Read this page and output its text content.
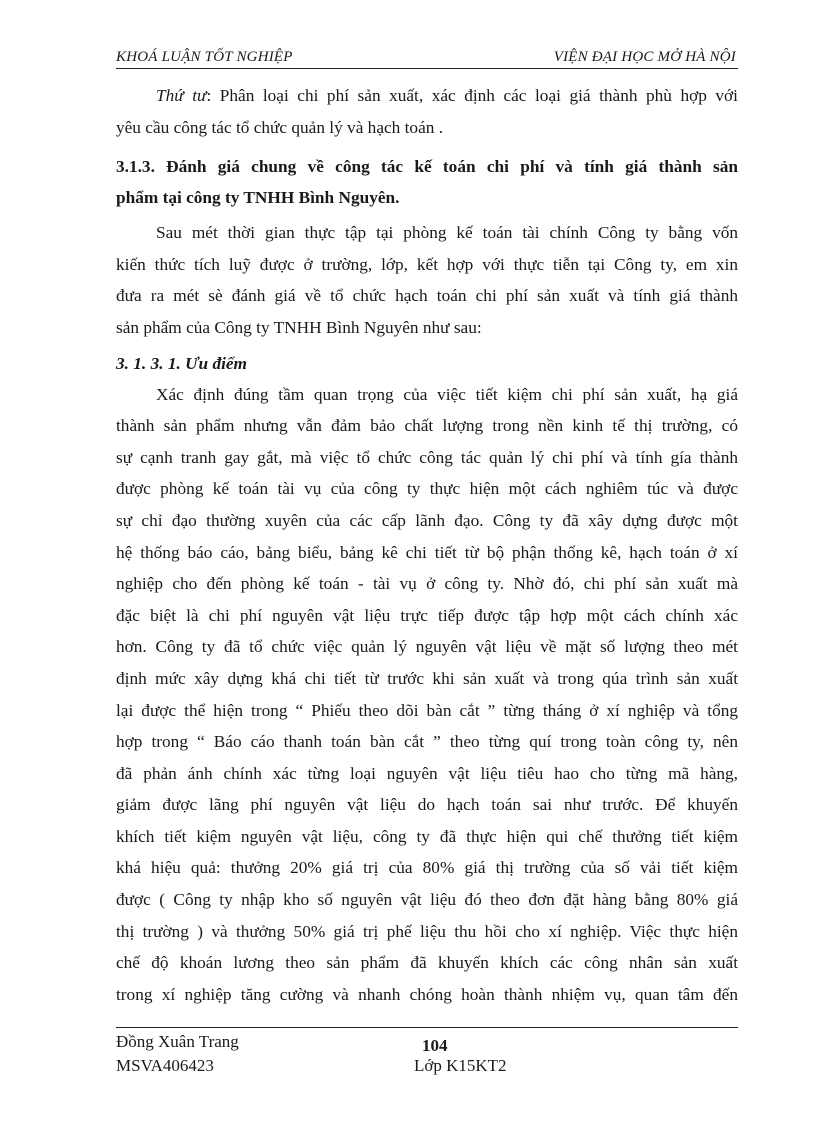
KHOÁ LUẬN TỐT NGHIỆP	VIỆN ĐẠI HỌC MỞ HÀ NỘI

Thứ tư: Phân loại chi phí sản xuất, xác định các loại giá thành phù hợp với
yêu cầu công tác tổ chức quản lý và hạch toán .

3.1.3. Đánh giá chung về công tác kế toán chi phí và tính giá thành sản
phẩm tại công ty TNHH Bình Nguyên.

Sau mét thời gian thực tập tại phòng kế toán tài chính Công ty bằng vốn
kiến thức tích luỹ được ở trường, lớp, kết hợp với thực tiễn tại Công ty, em xin
đưa ra mét sè đánh giá về tổ chức hạch toán chi phí sản xuất và tính giá thành
sản phẩm của Công ty TNHH Bình Nguyên như sau:

3. 1. 3. 1. Ưu điểm

Xác định đúng tầm quan trọng của việc tiết kiệm chi phí sản xuất, hạ giá
thành sản phẩm nhưng vẫn đảm bảo chất lượng trong nền kinh tế thị trường, có
sự cạnh tranh gay gắt, mà việc tổ chức công tác quản lý chi phí và tính gía thành
được phòng kế toán tài vụ của công ty thực hiện một cách nghiêm túc và được
sự chỉ đạo thường xuyên của các cấp lãnh đạo. Công ty đã xây dựng được một
hệ thống báo cáo, bảng biểu, bảng kê chi tiết từ bộ phận thống kê, hạch toán ở xí
nghiệp cho đến phòng kế toán - tài vụ ở công ty. Nhờ đó, chi phí sản xuất mà
đặc biệt là chi phí nguyên vật liệu trực tiếp được tập hợp một cách chính xác
hơn. Công ty đã tổ chức việc quản lý nguyên vật liệu về mặt số lượng theo mét
định mức xây dựng khá chi tiết từ trước khi sản xuất và trong qúa trình sản xuất
lại được thể hiện trong “ Phiếu theo dõi bàn cắt ” từng tháng ở xí nghiệp và tổng
hợp trong “ Báo cáo thanh toán bàn cắt ” theo từng quí trong toàn công ty, nên
đã phản ánh chính xác từng loại nguyên vật liệu tiêu hao cho từng mã hàng,
giảm được lãng phí nguyên vật liệu do hạch toán sai như trước. Để khuyến
khích tiết kiệm nguyên vật liệu, công ty đã thực hiện qui chế thưởng tiết kiệm
khá hiệu quả: thưởng 20% giá trị của 80% giá thị trường của số vải tiết kiệm
được ( Công ty nhập kho số nguyên vật liệu đó theo đơn đặt hàng bằng 80% giá
thị trường ) và thưởng 50% giá trị phế liệu thu hồi cho xí nghiệp. Việc thực hiện
chế độ khoán lương theo sản phẩm đã khuyến khích các công nhân sản xuất
trong xí nghiệp tăng cường và nhanh chóng hoàn thành nhiệm vụ, quan tâm đến

Đồng Xuân Trang
MSVA406423
104
Lớp K15KT2
